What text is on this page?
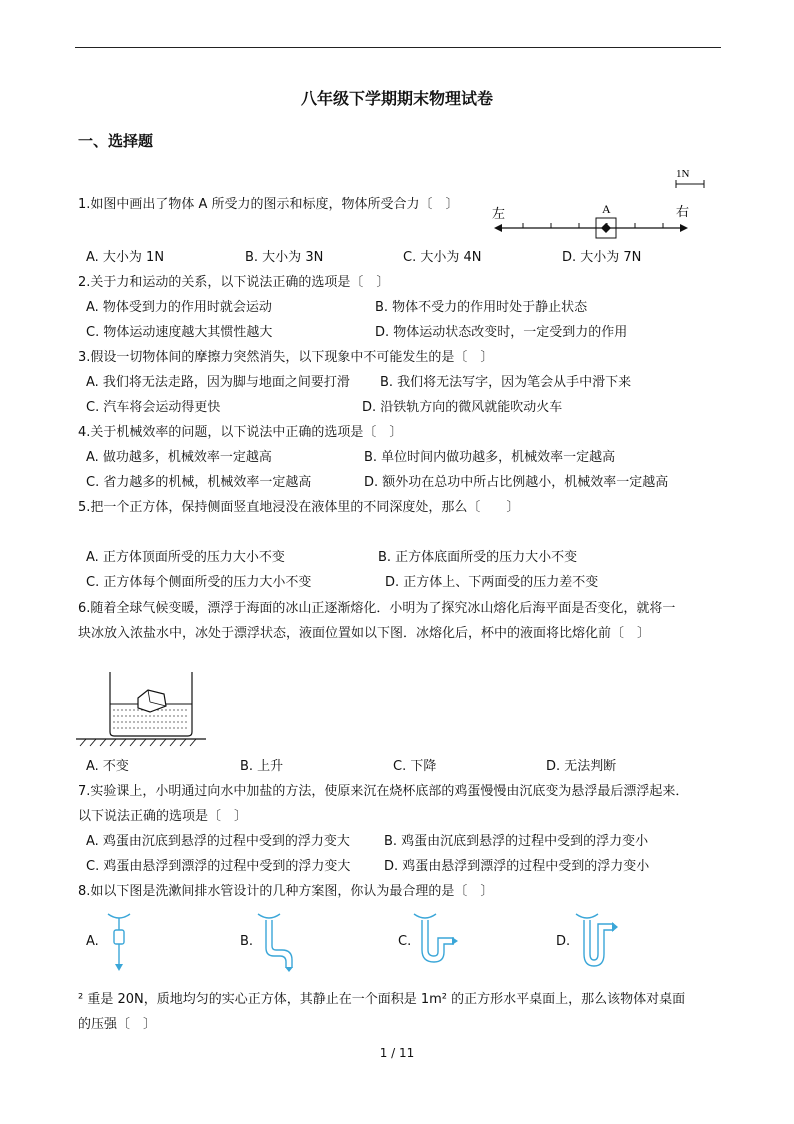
八年级下学期期末物理试卷
一、选择题
1.如图中画出了物体 A 所受力的图示和标度，物体所受合力〔　〕
1N
左	右
A
A. 大小为 1N	B. 大小为 3N	C. 大小为 4N	D. 大小为 7N
2.关于力和运动的关系，以下说法正确的选项是〔　〕
A. 物体受到力的作用时就会运动	B. 物体不受力的作用时处于静止状态
C. 物体运动速度越大其惯性越大	D. 物体运动状态改变时，一定受到力的作用
3.假设一切物体间的摩擦力突然消失，以下现象中不可能发生的是〔　〕
A. 我们将无法走路，因为脚与地面之间要打滑 B. 我们将无法写字，因为笔会从手中滑下来
C. 汽车将会运动得更快	D. 沿铁轨方向的微风就能吹动火车
4.关于机械效率的问题，以下说法中正确的选项是〔　〕
A. 做功越多，机械效率一定越高	B. 单位时间内做功越多，机械效率一定越高
C. 省力越多的机械，机械效率一定越高	D. 额外功在总功中所占比例越小，机械效率一定越高
5.把一个正方体，保持侧面竖直地浸没在液体里的不同深度处，那么〔　　〕
A. 正方体顶面所受的压力大小不变	B. 正方体底面所受的压力大小不变
C. 正方体每个侧面所受的压力大小不变	D. 正方体上、下两面受的压力差不变
6.随着全球气候变暖，漂浮于海面的冰山正逐渐熔化．小明为了探究冰山熔化后海平面是否变化，就将一
块冰放入浓盐水中，冰处于漂浮状态，液面位置如以下图．冰熔化后，杯中的液面将比熔化前〔　〕
A. 不变	B. 上升	C. 下降	D. 无法判断
7.实验课上，小明通过向水中加盐的方法，使原来沉在烧杯底部的鸡蛋慢慢由沉底变为悬浮最后漂浮起来．
以下说法正确的选项是〔　〕
A. 鸡蛋由沉底到悬浮的过程中受到的浮力变大	B. 鸡蛋由沉底到悬浮的过程中受到的浮力变小
C. 鸡蛋由悬浮到漂浮的过程中受到的浮力变大	D. 鸡蛋由悬浮到漂浮的过程中受到的浮力变小
8.如以下图是洗漱间排水管设计的几种方案图，你认为最合理的是〔　〕
A.	B.	C.	D.
² 重是 20N，质地均匀的实心正方体，其静止在一个面积是 1m² 的正方形水平桌面上，那么该物体对桌面
的压强〔　〕
1 / 11
